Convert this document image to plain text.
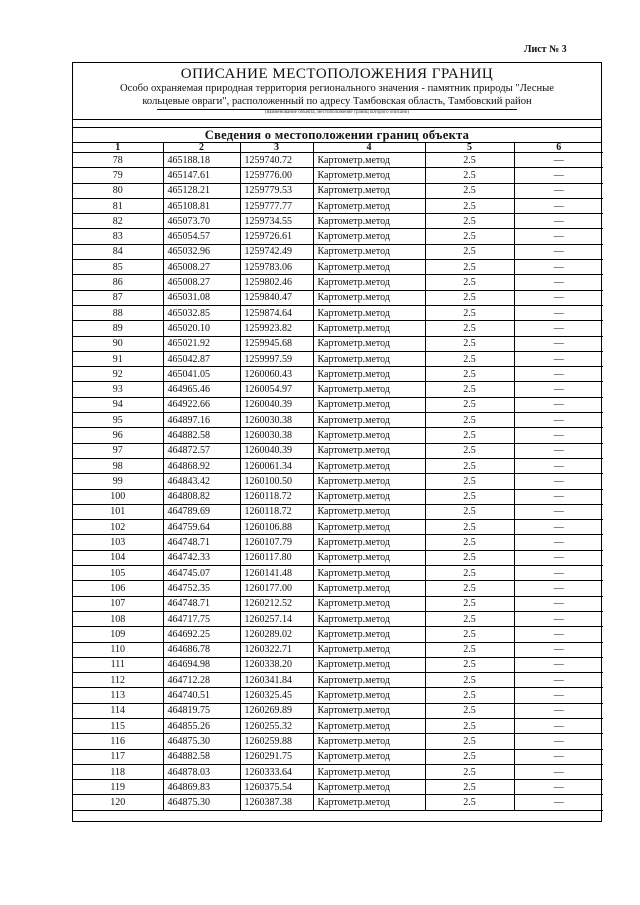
Лист № 3
ОПИСАНИЕ МЕСТОПОЛОЖЕНИЯ ГРАНИЦ
Особо охраняемая природная территория регионального значения - памятник природы "Лесные
кольцевые овраги", расположенный по адресу Тамбовская область, Тамбовский район
(наименование объекта, местоположение границ которого описано)
Сведения о местоположении границ объекта
1	2	3	4	5	6
78	465188.18	1259740.72	Картометр.метод	2.5	—
79	465147.61	1259776.00	Картометр.метод	2.5	—
80	465128.21	1259779.53	Картометр.метод	2.5	—
81	465108.81	1259777.77	Картометр.метод	2.5	—
82	465073.70	1259734.55	Картометр.метод	2.5	—
83	465054.57	1259726.61	Картометр.метод	2.5	—
84	465032.96	1259742.49	Картометр.метод	2.5	—
85	465008.27	1259783.06	Картометр.метод	2.5	—
86	465008.27	1259802.46	Картометр.метод	2.5	—
87	465031.08	1259840.47	Картометр.метод	2.5	—
88	465032.85	1259874.64	Картометр.метод	2.5	—
89	465020.10	1259923.82	Картометр.метод	2.5	—
90	465021.92	1259945.68	Картометр.метод	2.5	—
91	465042.87	1259997.59	Картометр.метод	2.5	—
92	465041.05	1260060.43	Картометр.метод	2.5	—
93	464965.46	1260054.97	Картометр.метод	2.5	—
94	464922.66	1260040.39	Картометр.метод	2.5	—
95	464897.16	1260030.38	Картометр.метод	2.5	—
96	464882.58	1260030.38	Картометр.метод	2.5	—
97	464872.57	1260040.39	Картометр.метод	2.5	—
98	464868.92	1260061.34	Картометр.метод	2.5	—
99	464843.42	1260100.50	Картометр.метод	2.5	—
100	464808.82	1260118.72	Картометр.метод	2.5	—
101	464789.69	1260118.72	Картометр.метод	2.5	—
102	464759.64	1260106.88	Картометр.метод	2.5	—
103	464748.71	1260107.79	Картометр.метод	2.5	—
104	464742.33	1260117.80	Картометр.метод	2.5	—
105	464745.07	1260141.48	Картометр.метод	2.5	—
106	464752.35	1260177.00	Картометр.метод	2.5	—
107	464748.71	1260212.52	Картометр.метод	2.5	—
108	464717.75	1260257.14	Картометр.метод	2.5	—
109	464692.25	1260289.02	Картометр.метод	2.5	—
110	464686.78	1260322.71	Картометр.метод	2.5	—
111	464694.98	1260338.20	Картометр.метод	2.5	—
112	464712.28	1260341.84	Картометр.метод	2.5	—
113	464740.51	1260325.45	Картометр.метод	2.5	—
114	464819.75	1260269.89	Картометр.метод	2.5	—
115	464855.26	1260255.32	Картометр.метод	2.5	—
116	464875.30	1260259.88	Картометр.метод	2.5	—
117	464882.58	1260291.75	Картометр.метод	2.5	—
118	464878.03	1260333.64	Картометр.метод	2.5	—
119	464869.83	1260375.54	Картометр.метод	2.5	—
120	464875.30	1260387.38	Картометр.метод	2.5	—
